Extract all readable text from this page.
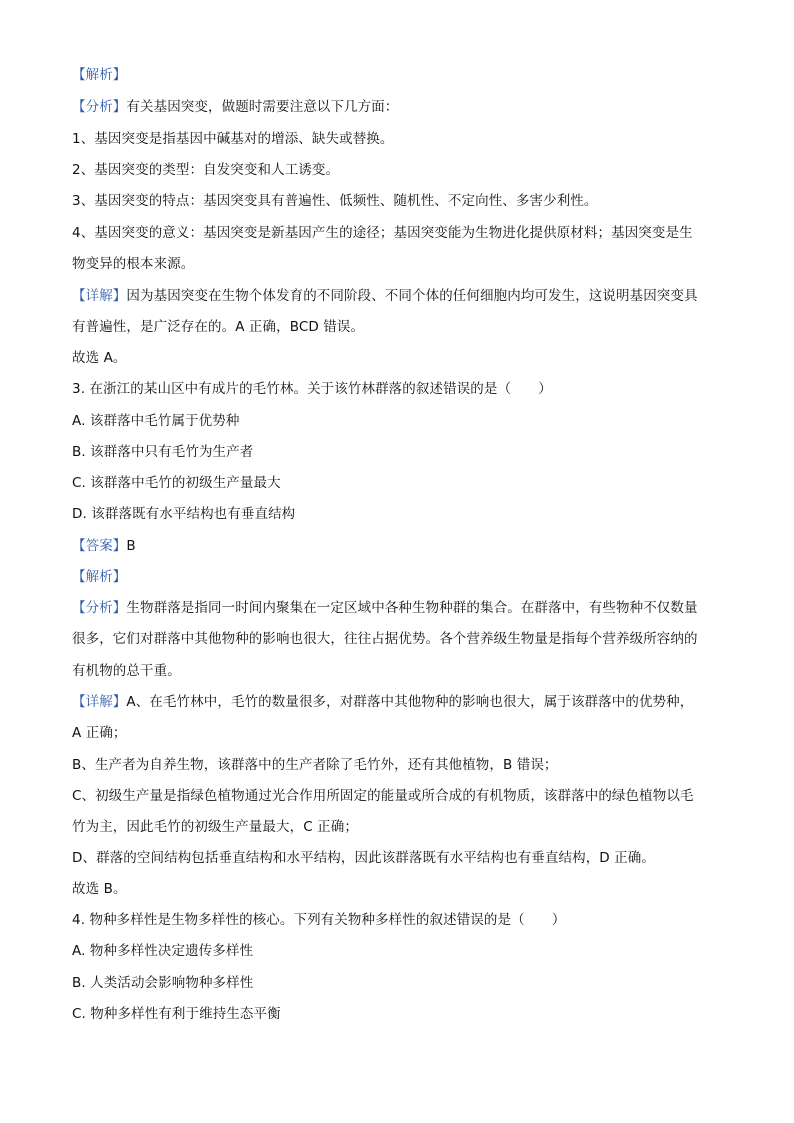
【解析】
【分析】有关基因突变，做题时需要注意以下几方面：
1、基因突变是指基因中碱基对的增添、缺失或替换。
2、基因突变的类型：自发突变和人工诱变。
3、基因突变的特点：基因突变具有普遍性、低频性、随机性、不定向性、多害少利性。
4、基因突变的意义：基因突变是新基因产生的途径；基因突变能为生物进化提供原材料；基因突变是生
物变异的根本来源。
【详解】因为基因突变在生物个体发育的不同阶段、不同个体的任何细胞内均可发生，这说明基因突变具
有普遍性，是广泛存在的。A 正确，BCD 错误。
故选 A。
3. 在浙江的某山区中有成片的毛竹林。关于该竹林群落的叙述错误的是（　　）
A. 该群落中毛竹属于优势种
B. 该群落中只有毛竹为生产者
C. 该群落中毛竹的初级生产量最大
D. 该群落既有水平结构也有垂直结构
【答案】B
【解析】
【分析】生物群落是指同一时间内聚集在一定区域中各种生物种群的集合。在群落中，有些物种不仅数量
很多，它们对群落中其他物种的影响也很大，往往占据优势。各个营养级生物量是指每个营养级所容纳的
有机物的总干重。
【详解】A、在毛竹林中，毛竹的数量很多，对群落中其他物种的影响也很大，属于该群落中的优势种，
A 正确；
B、生产者为自养生物，该群落中的生产者除了毛竹外，还有其他植物，B 错误；
C、初级生产量是指绿色植物通过光合作用所固定的能量或所合成的有机物质，该群落中的绿色植物以毛
竹为主，因此毛竹的初级生产量最大，C 正确；
D、群落的空间结构包括垂直结构和水平结构，因此该群落既有水平结构也有垂直结构，D 正确。
故选 B。
4. 物种多样性是生物多样性的核心。下列有关物种多样性的叙述错误的是（　　）
A. 物种多样性决定遗传多样性
B. 人类活动会影响物种多样性
C. 物种多样性有利于维持生态平衡
